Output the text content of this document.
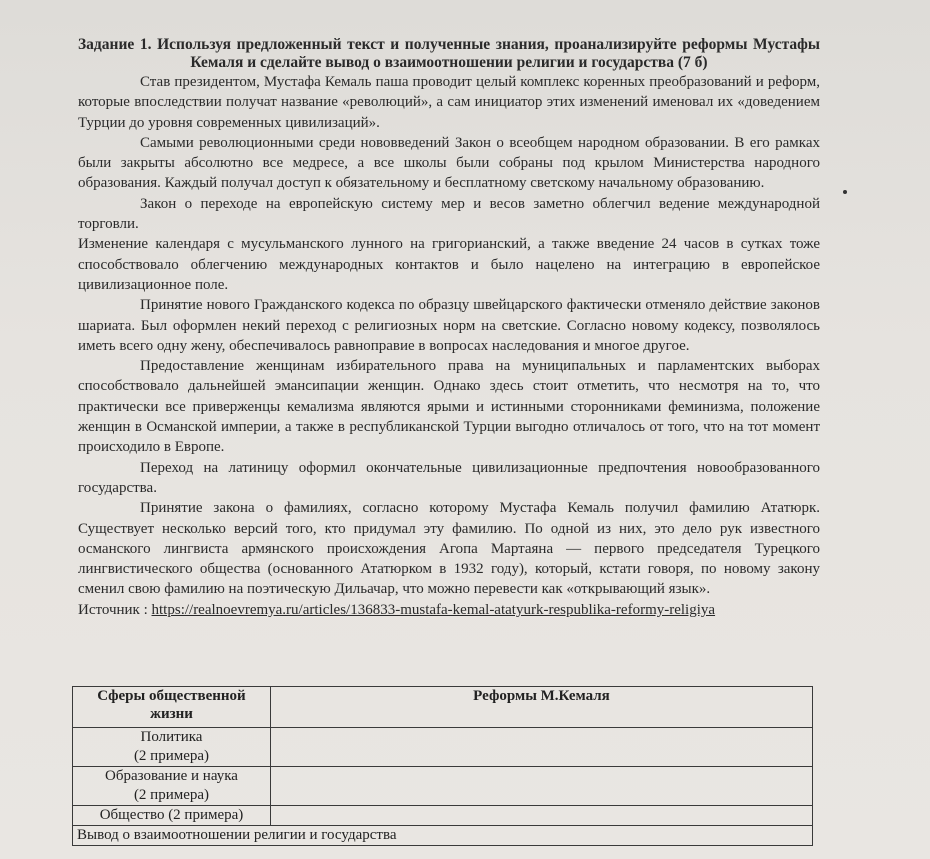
Задание 1. Используя предложенный текст и полученные знания, проанализируйте реформы Мустафы Кемаля и сделайте вывод о взаимоотношении религии и государства (7 б)

Став президентом, Мустафа Кемаль паша проводит целый комплекс коренных преобразований и реформ, которые впоследствии получат название «революций», а сам инициатор этих изменений именовал их «доведением Турции до уровня современных цивилизаций».

Самыми революционными среди нововведений Закон о всеобщем народном образовании. В его рамках были закрыты абсолютно все медресе, а все школы были собраны под крылом Министерства народного образования. Каждый получал доступ к обязательному и бесплатному светскому начальному образованию.

Закон о переходе на европейскую систему мер и весов заметно облегчил ведение международной торговли.

Изменение календаря с мусульманского лунного на григорианский, а также введение 24 часов в сутках тоже способствовало облегчению международных контактов и было нацелено на интеграцию в европейское цивилизационное поле.

Принятие нового Гражданского кодекса по образцу швейцарского фактически отменяло действие законов шариата. Был оформлен некий переход с религиозных норм на светские. Согласно новому кодексу, позволялось иметь всего одну жену, обеспечивалось равноправие в вопросах наследования и многое другое.

Предоставление женщинам избирательного права на муниципальных и парламентских выборах способствовало дальнейшей эмансипации женщин. Однако здесь стоит отметить, что несмотря на то, что практически все приверженцы кемализма являются ярыми и истинными сторонниками феминизма, положение женщин в Османской империи, а также в республиканской Турции выгодно отличалось от того, что на тот момент происходило в Европе.

Переход на латиницу оформил окончательные цивилизационные предпочтения новообразованного государства.

Принятие закона о фамилиях, согласно которому Мустафа Кемаль получил фамилию Ататюрк. Существует несколько версий того, кто придумал эту фамилию. По одной из них, это дело рук известного османского лингвиста армянского происхождения Агопа Мартаяна — первого председателя Турецкого лингвистического общества (основанного Ататюрком в 1932 году), который, кстати говоря, по новому закону сменил свою фамилию на поэтическую Дильачар, что можно перевести как «открывающий язык».

Источник : https://realnoevremya.ru/articles/136833-mustafa-kemal-atatyurk-respublika-reformy-religiya
Сферы общественной жизни	Реформы М.Кемаля

Политика
(2 примера)	

Образование и наука
(2 примера)	

Общество (2 примера)	
Вывод о взаимоотношении религии и государства	
